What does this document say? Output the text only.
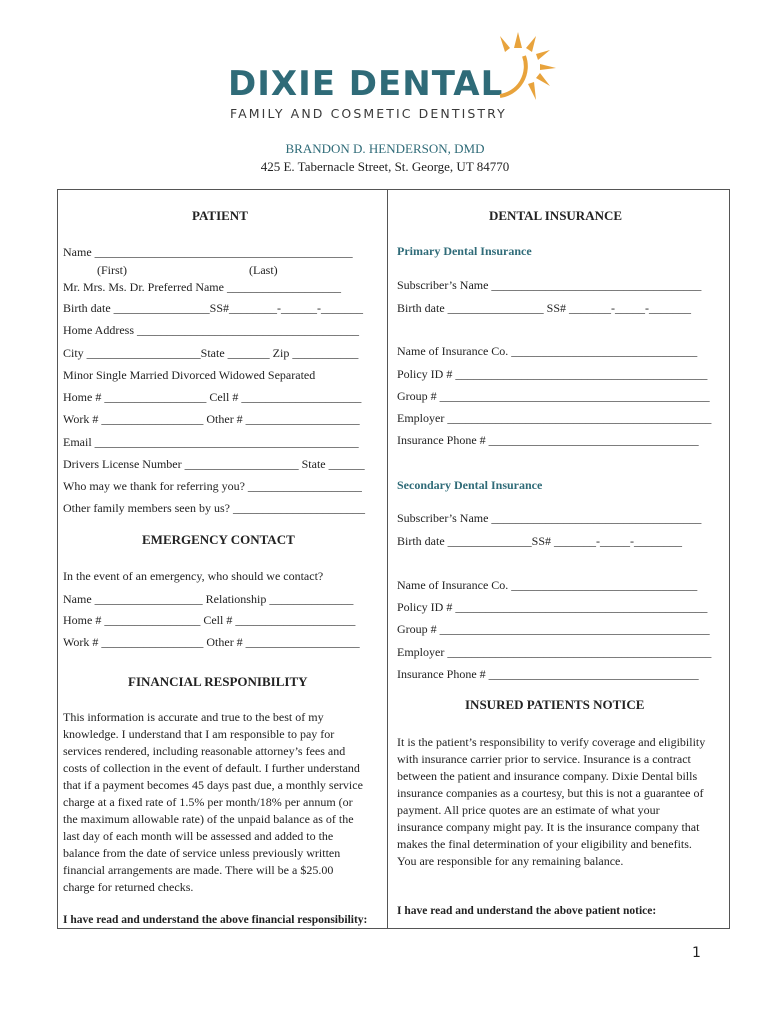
DIXIE DENTAL
FAMILY AND COSMETIC DENTISTRY
BRANDON D. HENDERSON, DMD
425 E. Tabernacle Street, St. George, UT 84770
PATIENT
Name ___________________________________________
(First)	(Last)
Mr. Mrs. Ms. Dr. Preferred Name ___________________
Birth date ________________SS#________-______-_______
Home Address _____________________________________
City ___________________State _______ Zip ___________
Minor Single Married Divorced Widowed Separated
Home # _________________ Cell # ____________________
Work # _________________ Other # ___________________
Email ____________________________________________
Drivers License Number ___________________ State ______
Who may we thank for referring you? ___________________
Other family members seen by us? ______________________
EMERGENCY CONTACT
In the event of an emergency, who should we contact?
Name __________________ Relationship ______________
Home # ________________ Cell # ____________________
Work # _________________ Other # ___________________
FINANCIAL RESPONIBILITY
This information is accurate and true to the best of my
knowledge. I understand that I am responsible to pay for
services rendered, including reasonable attorney’s fees and
costs of collection in the event of default. I further understand
that if a payment becomes 45 days past due, a monthly service
charge at a fixed rate of 1.5% per month/18% per annum (or
the maximum allowable rate) of the unpaid balance as of the
last day of each month will be assessed and added to the
balance from the date of service unless previously written
financial arrangements are made. There will be a $25.00
charge for returned checks.
I have read and understand the above financial responsibility:
DENTAL INSURANCE
Primary Dental Insurance
Subscriber’s Name ___________________________________
Birth date ________________ SS# _______-_____-_______
Name of Insurance Co. _______________________________
Policy ID # __________________________________________
Group # _____________________________________________
Employer ____________________________________________
Insurance Phone # ___________________________________
Secondary Dental Insurance
Subscriber’s Name ___________________________________
Birth date ______________SS# _______-_____-________
Name of Insurance Co. _______________________________
Policy ID # __________________________________________
Group # _____________________________________________
Employer ____________________________________________
Insurance Phone # ___________________________________
INSURED PATIENTS NOTICE
It is the patient’s responsibility to verify coverage and eligibility
with insurance carrier prior to service. Insurance is a contract
between the patient and insurance company. Dixie Dental bills
insurance companies as a courtesy, but this is not a guarantee of
payment. All price quotes are an estimate of what your
insurance company might pay. It is the insurance company that
makes the final determination of your eligibility and benefits.
You are responsible for any remaining balance.
I have read and understand the above patient notice:
1
